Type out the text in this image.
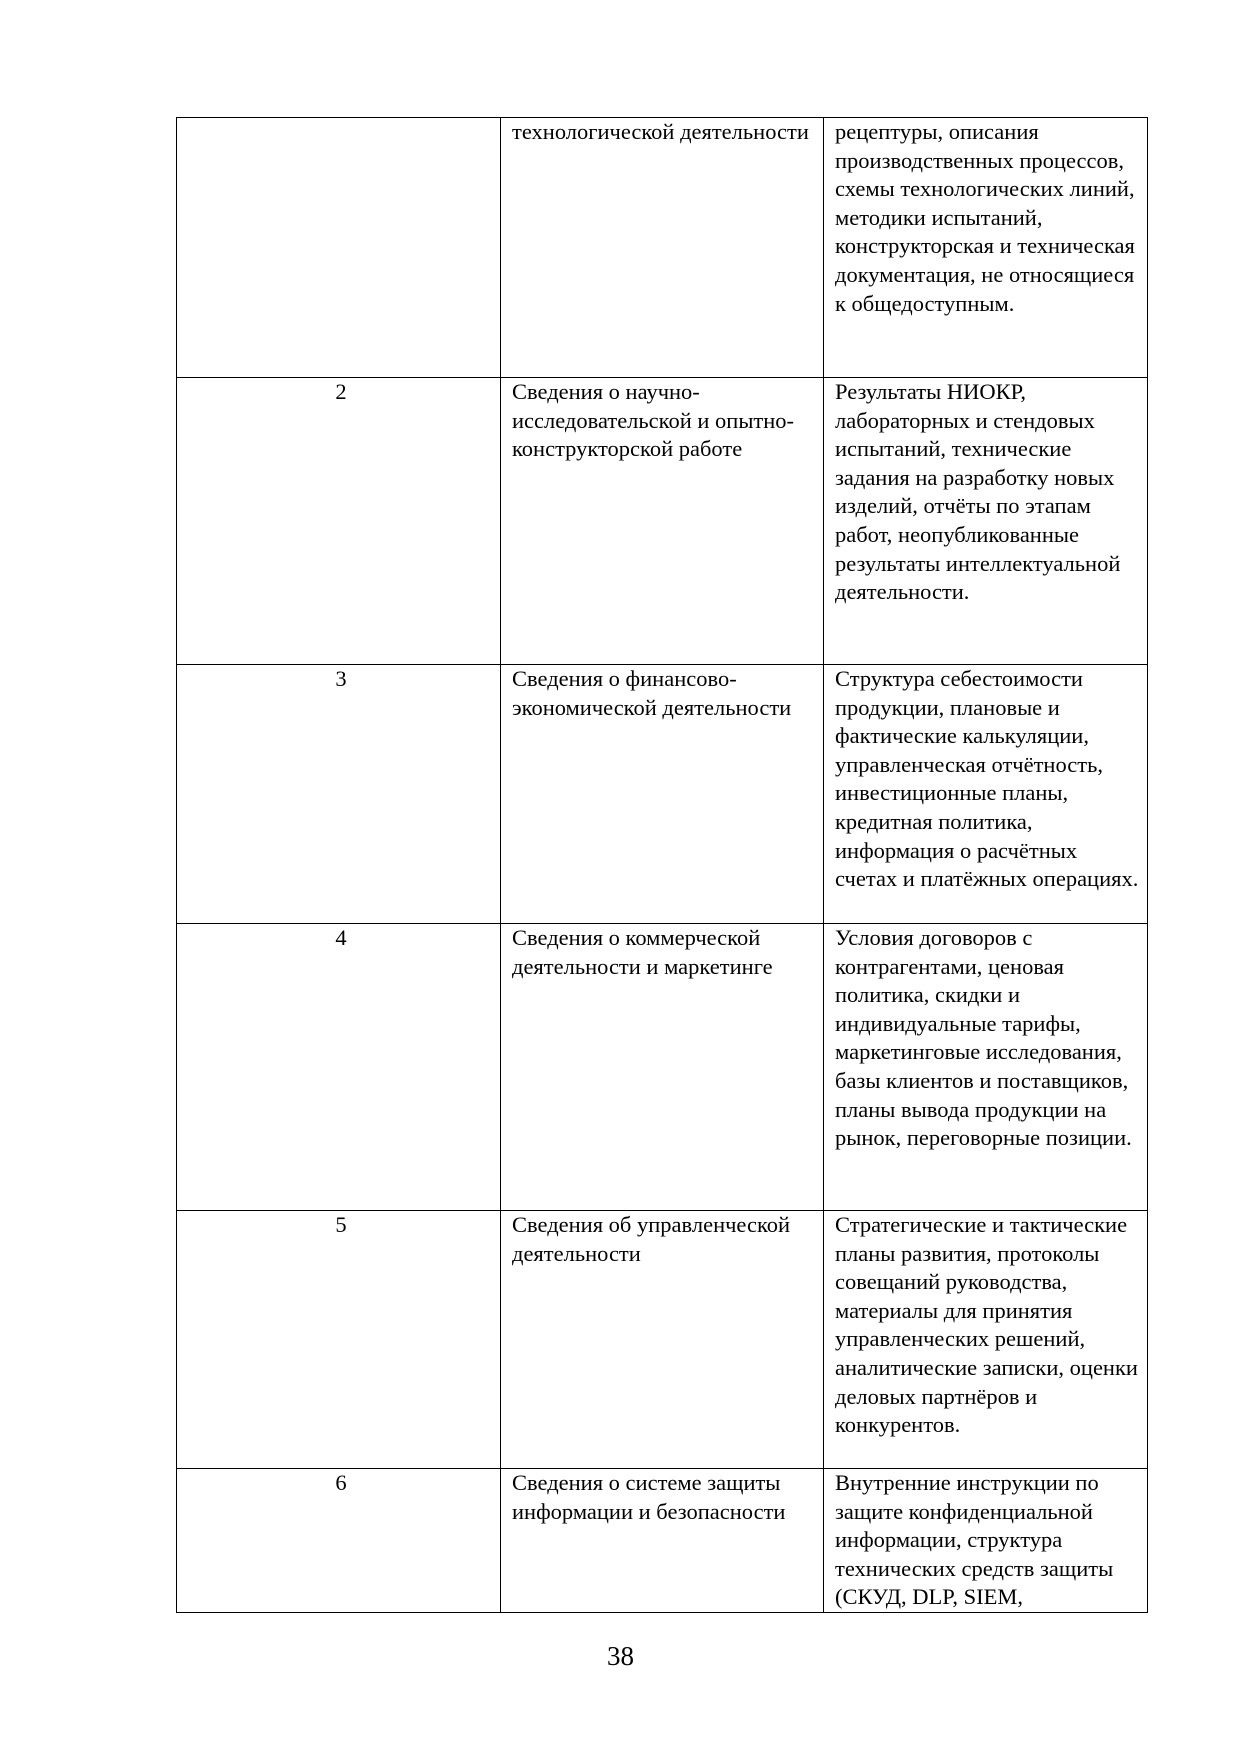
	технологической деятельности	рецептуры, описания производственных процессов, схемы технологических линий, методики испытаний, конструкторская и техническая документация, не относящиеся к общедоступным.
2	Сведения о научно-исследовательской и опытно-конструкторской работе	Результаты НИОКР, лабораторных и стендовых испытаний, технические задания на разработку новых изделий, отчёты по этапам работ, неопубликованные результаты интеллектуальной деятельности.
3	Сведения о финансово-экономической деятельности	Структура себестоимости продукции, плановые и фактические калькуляции, управленческая отчётность, инвестиционные планы, кредитная политика, информация о расчётных счетах и платёжных операциях.
4	Сведения о коммерческой деятельности и маркетинге	Условия договоров с контрагентами, ценовая политика, скидки и индивидуальные тарифы, маркетинговые исследования, базы клиентов и поставщиков, планы вывода продукции на рынок, переговорные позиции.
5	Сведения об управленческой деятельности	Стратегические и тактические планы развития, протоколы совещаний руководства, материалы для принятия управленческих решений, аналитические записки, оценки деловых партнёров и конкурентов.
6	Сведения о системе защиты информации и безопасности	Внутренние инструкции по защите конфиденциальной информации, структура технических средств защиты (СКУД, DLP, SIEM,
38
